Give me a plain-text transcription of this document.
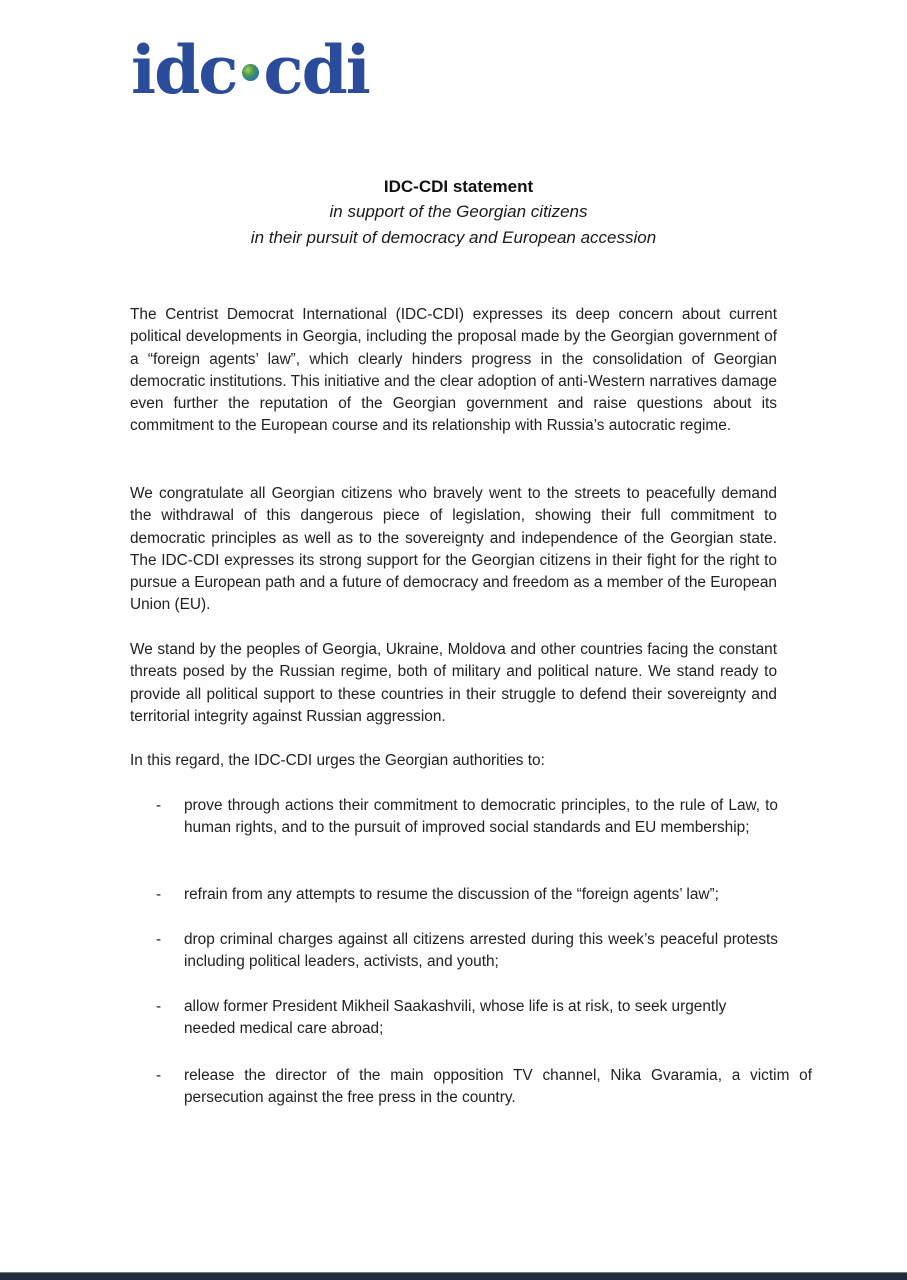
idc cdi
IDC-CDI statement
in support of the Georgian citizens
in their pursuit of democracy and European accession

The Centrist Democrat International (IDC-CDI) expresses its deep concern about current political developments in Georgia, including the proposal made by the Georgian government of a “foreign agents’ law”, which clearly hinders progress in the consolidation of Georgian democratic institutions. This initiative and the clear adoption of anti-Western narratives damage even further the reputation of the Georgian government and raise questions about its commitment to the European course and its relationship with Russia’s autocratic regime.

We congratulate all Georgian citizens who bravely went to the streets to peacefully demand the withdrawal of this dangerous piece of legislation, showing their full commitment to democratic principles as well as to the sovereignty and independence of the Georgian state. The IDC-CDI expresses its strong support for the Georgian citizens in their fight for the right to pursue a European path and a future of democracy and freedom as a member of the European Union (EU).

We stand by the peoples of Georgia, Ukraine, Moldova and other countries facing the constant threats posed by the Russian regime, both of military and political nature. We stand ready to provide all political support to these countries in their struggle to defend their sovereignty and territorial integrity against Russian aggression.

In this regard, the IDC-CDI urges the Georgian authorities to:

- prove through actions their commitment to democratic principles, to the rule of Law, to human rights, and to the pursuit of improved social standards and EU membership;
- refrain from any attempts to resume the discussion of the “foreign agents’ law”;
- drop criminal charges against all citizens arrested during this week’s peaceful protests including political leaders, activists, and youth;
- allow former President Mikheil Saakashvili, whose life is at risk, to seek urgently needed medical care abroad;
- release the director of the main opposition TV channel, Nika Gvaramia, a victim of persecution against the free press in the country.
